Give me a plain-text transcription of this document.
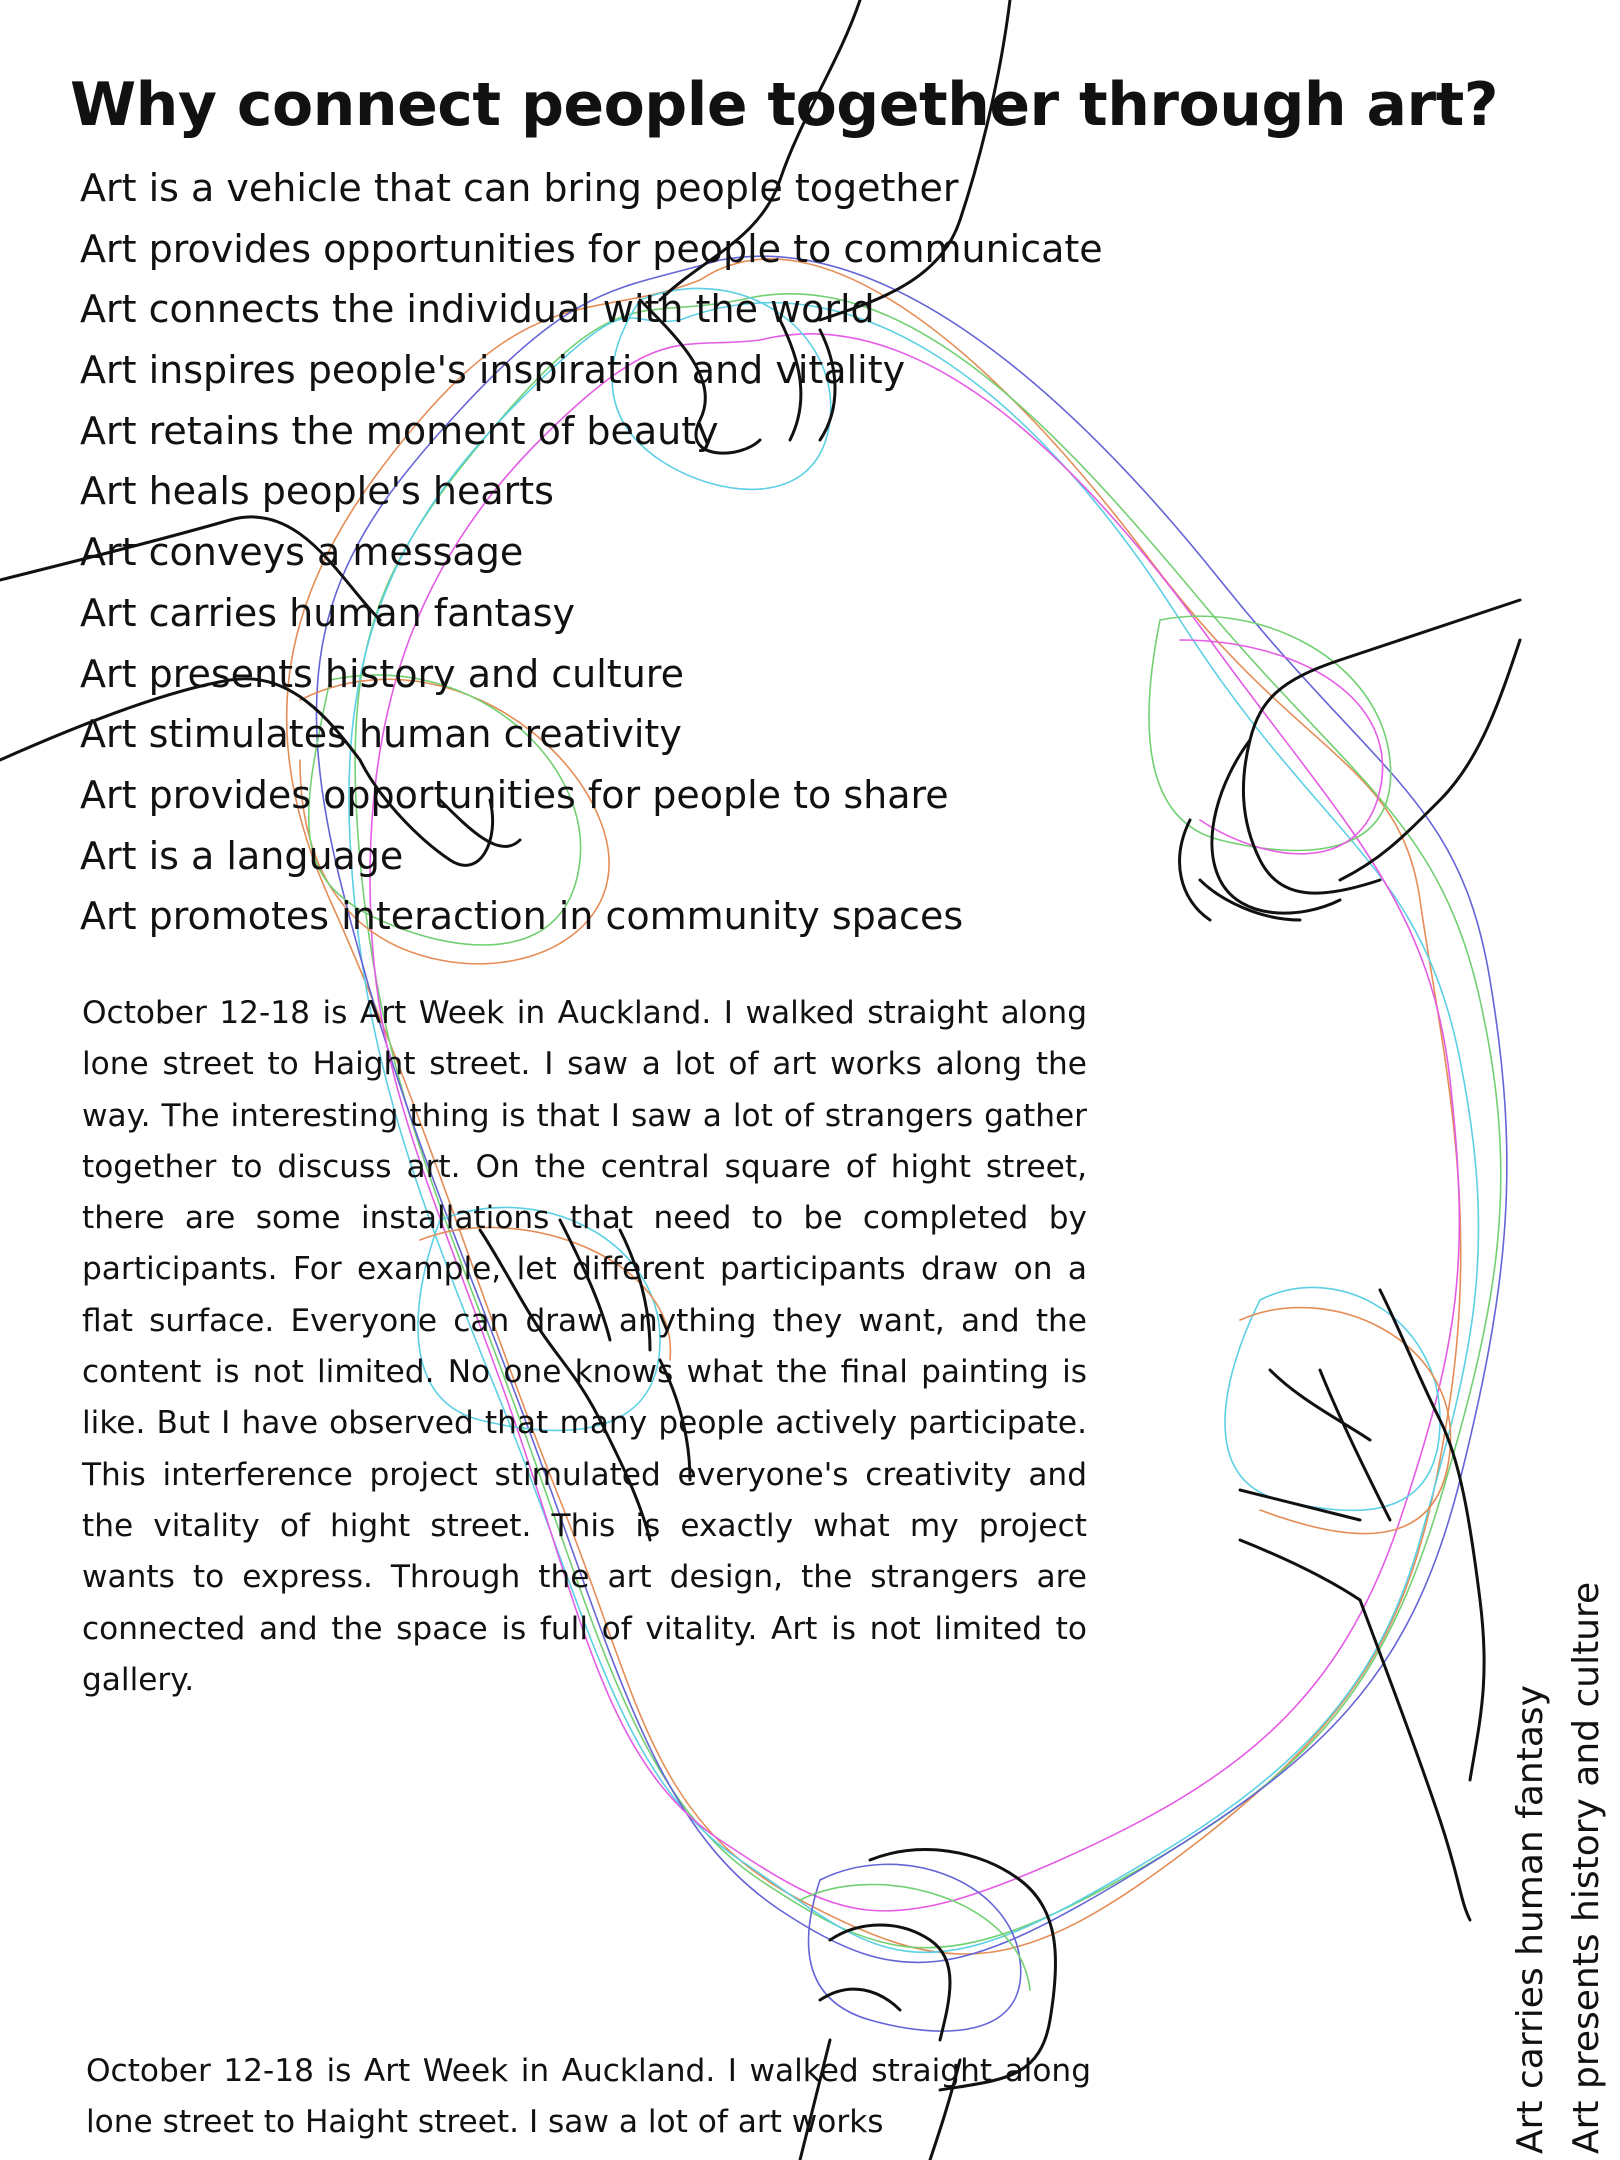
Why connect people together through art?
Art is a vehicle that can bring people together
Art provides opportunities for people to communicate
Art connects the individual with the world
Art inspires people's inspiration and vitality
Art retains the moment of beauty
Art heals people's hearts
Art conveys a message
Art carries human fantasy
Art presents history and culture
Art stimulates human creativity
Art provides opportunities for people to share
Art is a language
Art promotes interaction in community spaces

October 12-18 is Art Week in Auckland. I walked straight along lone street to Haight street. I saw a lot of art works along the way. The interesting thing is that I saw a lot of strangers gather together to discuss art. On the central square of hight street, there are some installations that need to be completed by participants. For example, let different participants draw on a flat surface. Everyone can draw anything they want, and the content is not limited. No one knows what the final painting is like. But I have observed that many people actively participate. This interference project stimulated everyone's creativity and the vitality of hight street. This is exactly what my project wants to express. Through the art design, the strangers are connected and the space is full of vitality. Art is not limited to gallery.

October 12-18 is Art Week in Auckland. I walked straight along lone street to Haight street. I saw a lot of art works	Art carries human fantasy Art presents history and culture
